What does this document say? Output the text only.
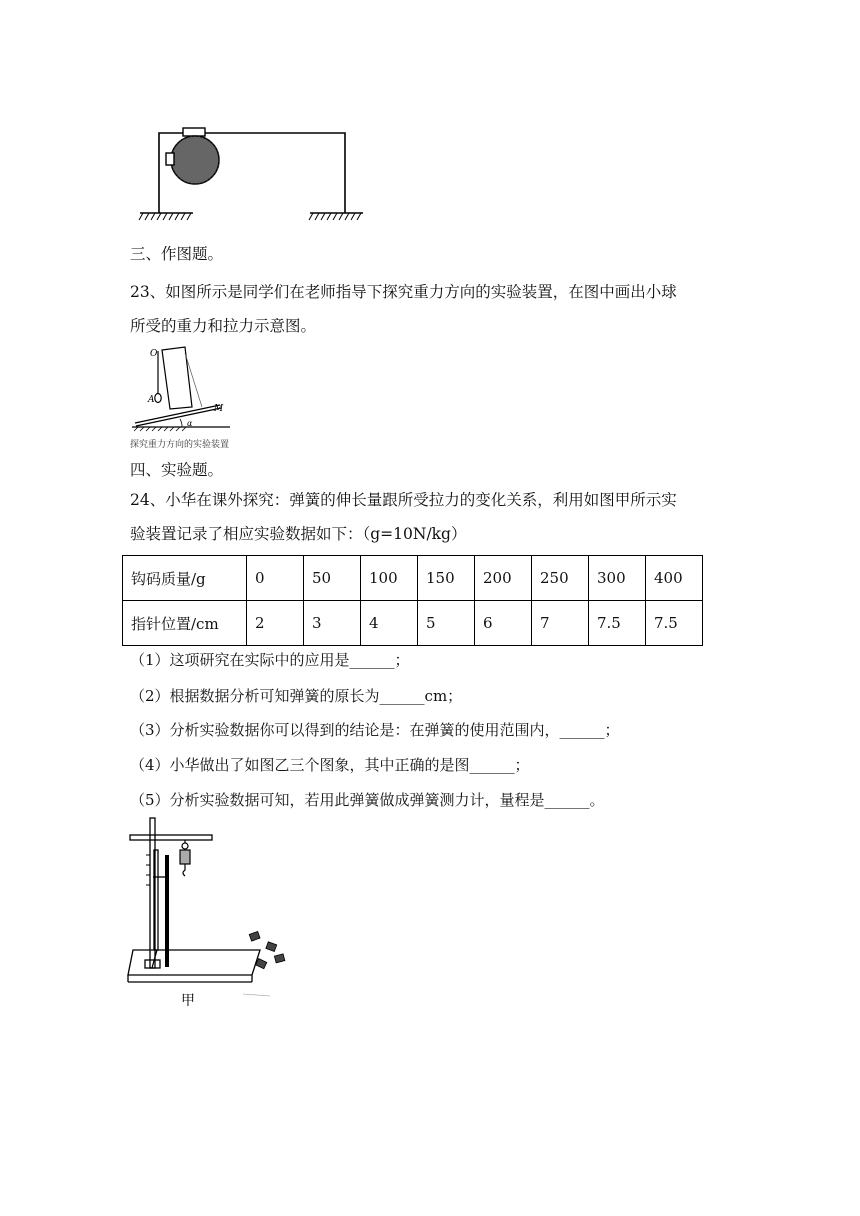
三、作图题。
23、如图所示是同学们在老师指导下探究重力方向的实验装置，在图中画出小球
所受的重力和拉力示意图。
O
A
M
α
探究重力方向的实验装置
四、实验题。
24、小华在课外探究：弹簧的伸长量跟所受拉力的变化关系，利用如图甲所示实
验装置记录了相应实验数据如下：（g=10N/kg）
钩码质量/g	0	50	100	150	200	250	300	400
指针位置/cm	2	3	4	5	6	7	7.5	7.5
（1）这项研究在实际中的应用是______；
（2）根据数据分析可知弹簧的原长为______cm；
（3）分析实验数据你可以得到的结论是：在弹簧的使用范围内，______；
（4）小华做出了如图乙三个图象，其中正确的是图______；
（5）分析实验数据可知，若用此弹簧做成弹簧测力计，量程是______。
甲
